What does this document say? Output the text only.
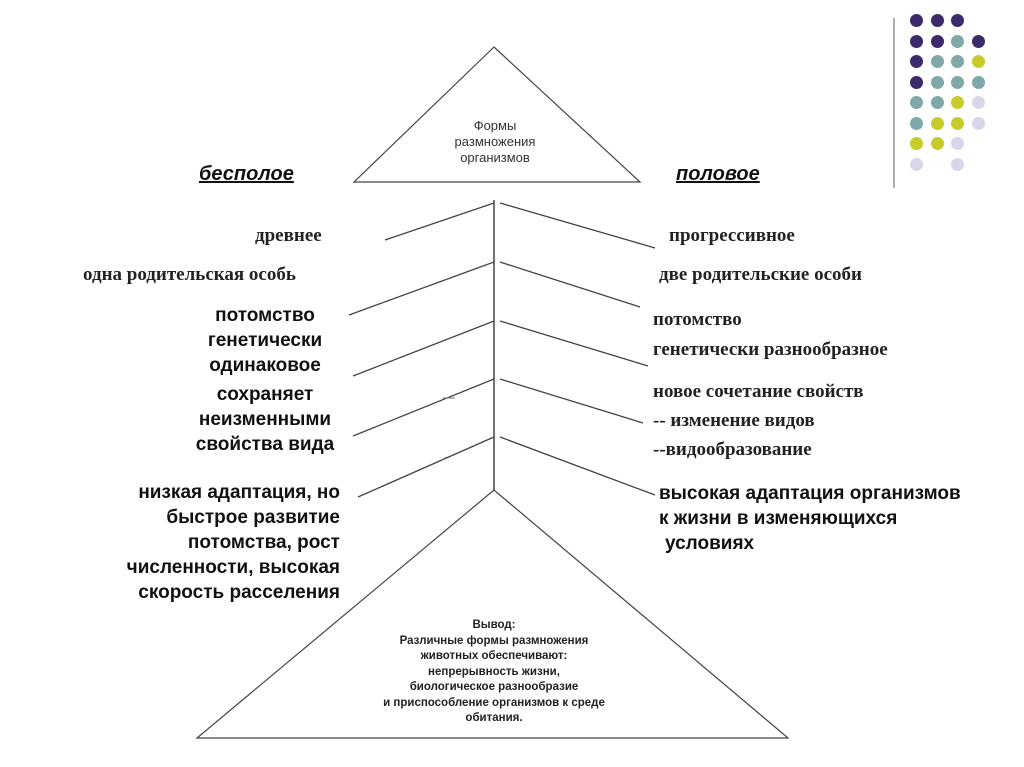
Формы
размножения
организмов
бесполое	половое
древнее
одна родительская особь
потомство
генетически
одинаковое
сохраняет
неизменными
свойства вида
низкая адаптация, но
быстрое развитие
потомства, рост
численности, высокая
скорость расселения
прогрессивное
две родительские особи
потомство
генетически разнообразное
новое сочетание свойств
-- изменение видов
--видообразование
высокая адаптация организмов
к жизни в изменяющихся
условиях
Вывод:
Различные формы размножения
животных обеспечивают:
непрерывность жизни,
биологическое разнообразие
и приспособление организмов к среде
обитания.
